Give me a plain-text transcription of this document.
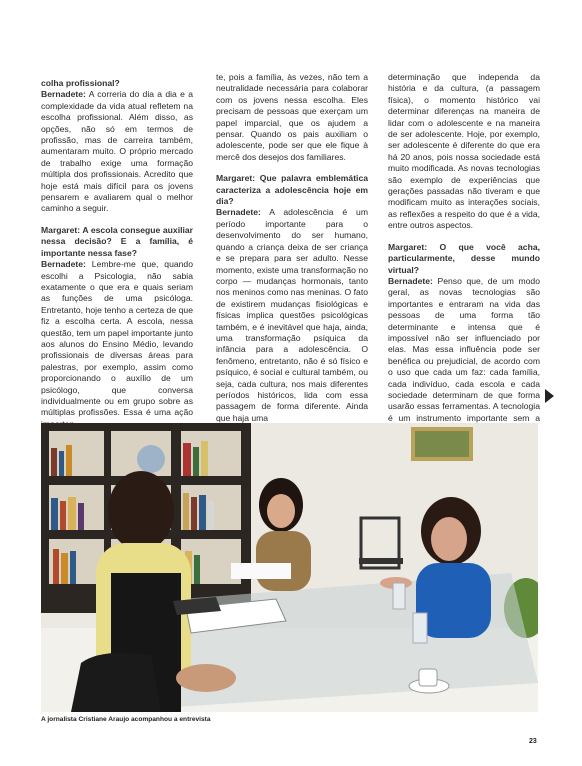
colha profissional?

Bernadete: A correria do dia a dia e a complexidade da vida atual refletem na escolha profissional. Além disso, as opções, não só em termos de profissão, mas de carreira também, aumentaram muito. O próprio mercado de trabalho exige uma formação múltipla dos profissionais. Acredito que hoje está mais difícil para os jovens pensarem e avaliarem qual o melhor caminho a seguir.

Margaret: A escola consegue auxiliar nessa decisão? E a família, é importante nessa fase?

Bernadete: Lembre-me que, quando escolhi a Psicologia, não sabia exatamente o que era e quais seriam as funções de uma psicóloga. Entretanto, hoje tenho a certeza de que fiz a escolha certa. A escola, nessa questão, tem um papel importante junto aos alunos do Ensino Médio, levando profissionais de diversas áreas para palestras, por exemplo, assim como proporcionando o auxílio de um psicólogo, que conversa individualmente ou em grupo sobre as múltiplas profissões. Essa é uma ação

te, pois a família, às vezes, não tem a neutralidade necessária para colaborar com os jovens nessa escolha. Eles precisam de pessoas que exerçam um papel imparcial, que os ajudem a pensar. Quando os pais auxiliam o adolescente, pode ser que ele fique à mercê dos desejos dos familiares.

Margaret: Que palavra emblemática caracteriza a adolescência hoje em dia?

Bernadete: A adolescência é um período importante para o desenvolvimento do ser humano, quando a criança deixa de ser criança e se prepara para ser adulto. Nesse momento, existe uma transformação no corpo — mudanças hormonais, tanto nos meninos como nas meninas. O fato de existirem mudanças fisiológicas e físicas implica questões psicológicas também, e é inevitável que haja, ainda, uma transformação psíquica da infância para a adolescência. O fenômeno, entretanto, não é só físico e psíquico, é social e cultural também, ou seja, cada cultura, nos mais diferentes períodos históricos, lida com essa passagem de forma diferente. Ainda que haja uma

determinação que independa da história e da cultura, (a passagem física), o momento histórico vai determinar diferenças na maneira de lidar com o adolescente e na maneira de ser adolescente. Hoje, por exemplo, ser adolescente é diferente do que era há 20 anos, pois nossa sociedade está muito modificada. As novas tecnologias são exemplo de experiências que gerações passadas não tiveram e que modificam muito as interações sociais, as reflexões a respeito do que é a vida, entre outros aspectos.

Margaret: O que você acha, particularmente, desse mundo virtual?

Bernadete: Penso que, de um modo geral, as novas tecnologias são importantes e entraram na vida das pessoas de uma forma tão determinante e intensa que é impossível não ser influenciado por elas. Mas essa influência pode ser benéfica ou prejudicial, de acordo com o uso que cada um faz: cada família, cada indivíduo, cada escola e cada sociedade determinam de que forma usarão essas ferramentas. A tecnologia é um instrumento importante sem a

A jornalista Cristiane Araujo acompanhou a entrevista
23
